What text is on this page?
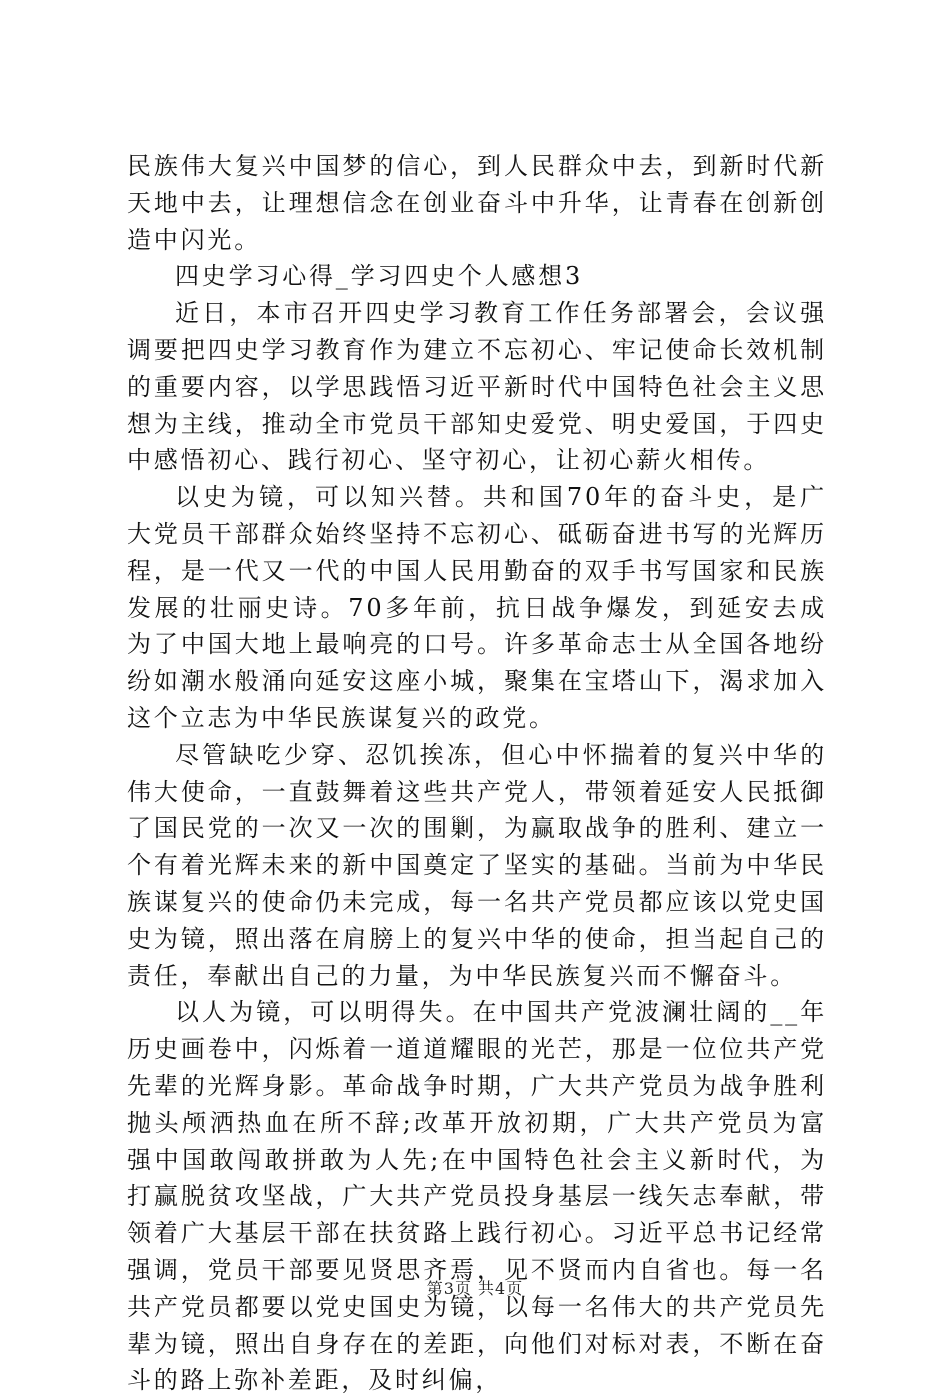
民族伟大复兴中国梦的信心，到人民群众中去，到新时代新天地中去，让理想信念在创业奋斗中升华，让青春在创新创造中闪光。

四史学习心得_学习四史个人感想3

近日，本市召开四史学习教育工作任务部署会，会议强调要把四史学习教育作为建立不忘初心、牢记使命长效机制的重要内容，以学思践悟习近平新时代中国特色社会主义思想为主线，推动全市党员干部知史爱党、明史爱国，于四史中感悟初心、践行初心、坚守初心，让初心薪火相传。

以史为镜，可以知兴替。共和国70年的奋斗史，是广大党员干部群众始终坚持不忘初心、砥砺奋进书写的光辉历程，是一代又一代的中国人民用勤奋的双手书写国家和民族发展的壮丽史诗。70多年前，抗日战争爆发，到延安去成为了中国大地上最响亮的口号。许多革命志士从全国各地纷纷如潮水般涌向延安这座小城，聚集在宝塔山下，渴求加入这个立志为中华民族谋复兴的政党。

尽管缺吃少穿、忍饥挨冻，但心中怀揣着的复兴中华的伟大使命，一直鼓舞着这些共产党人，带领着延安人民抵御了国民党的一次又一次的围剿，为赢取战争的胜利、建立一个有着光辉未来的新中国奠定了坚实的基础。当前为中华民族谋复兴的使命仍未完成，每一名共产党员都应该以党史国史为镜，照出落在肩膀上的复兴中华的使命，担当起自己的责任，奉献出自己的力量，为中华民族复兴而不懈奋斗。

以人为镜，可以明得失。在中国共产党波澜壮阔的__年历史画卷中，闪烁着一道道耀眼的光芒，那是一位位共产党先辈的光辉身影。革命战争时期，广大共产党员为战争胜利抛头颅洒热血在所不辞;改革开放初期，广大共产党员为富强中国敢闯敢拼敢为人先;在中国特色社会主义新时代，为打赢脱贫攻坚战，广大共产党员投身基层一线矢志奉献，带领着广大基层干部在扶贫路上践行初心。习近平总书记经常强调，党员干部要见贤思齐焉，见不贤而内自省也。每一名共产党员都要以党史国史为镜，以每一名伟大的共产党员先辈为镜，照出自身存在的差距，向他们对标对表，不断在奋斗的路上弥补差距，及时纠偏，

第3页 共4页
